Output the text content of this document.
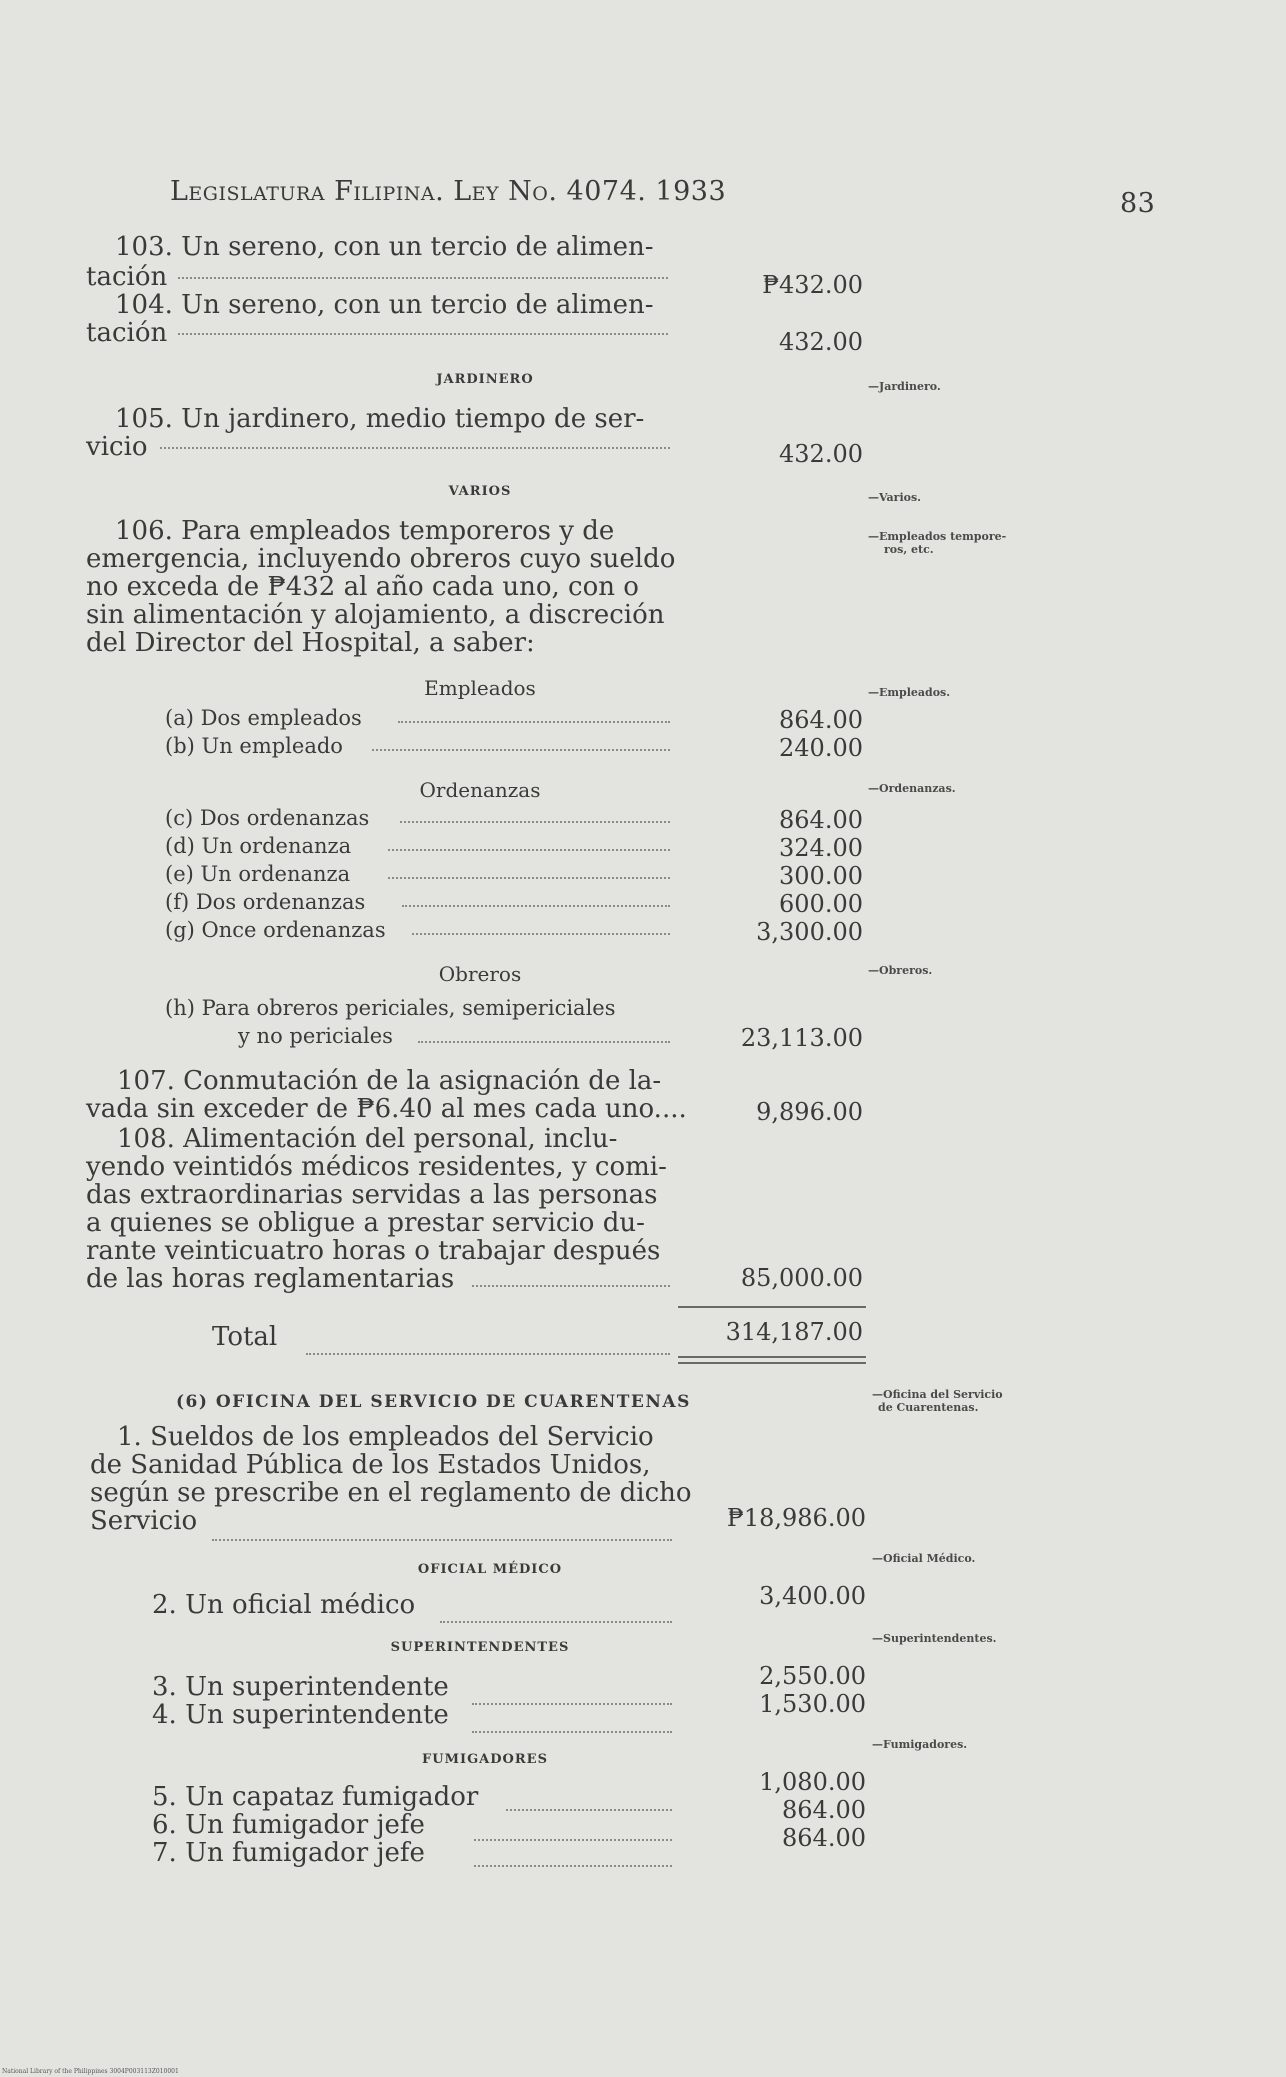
Legislatura Filipina. Ley No. 4074. 1933	83
103. Un sereno, con un tercio de alimen-
tación	₱432.00
104. Un sereno, con un tercio de alimen-
tación	432.00
JARDINERO	—Jardinero.
105. Un jardinero, medio tiempo de ser-
vicio	432.00
VARIOS	—Varios.
106. Para empleados temporeros y de
emergencia, incluyendo obreros cuyo sueldo
no exceda de ₱432 al año cada uno, con o
sin alimentación y alojamiento, a discreción
del Director del Hospital, a saber:
—Empleados tempore-
ros, etc.
Empleados	—Empleados.
(a) Dos empleados	864.00
(b) Un empleado	240.00
Ordenanzas	—Ordenanzas.
(c) Dos ordenanzas	864.00
(d) Un ordenanza	324.00
(e) Un ordenanza	300.00
(f) Dos ordenanzas	600.00
(g) Once ordenanzas	3,300.00
Obreros	—Obreros.
(h) Para obreros periciales, semipericiales
y no periciales	23,113.00
107. Conmutación de la asignación de la-
vada sin exceder de ₱6.40 al mes cada uno....	9,896.00
108. Alimentación del personal, inclu-
yendo veintidós médicos residentes, y comi-
das extraordinarias servidas a las personas
a quienes se obligue a prestar servicio du-
rante veinticuatro horas o trabajar después
de las horas reglamentarias	85,000.00
Total	314,187.00
(6) OFICINA DEL SERVICIO DE CUARENTENAS	—Oficina del Servicio
de Cuarentenas.
1. Sueldos de los empleados del Servicio
de Sanidad Pública de los Estados Unidos,
según se prescribe en el reglamento de dicho
Servicio	₱18,986.00
OFICIAL MÉDICO
—Oficial Médico.
2. Un oficial médico	3,400.00
SUPERINTENDENTES
—Superintendentes.
3. Un superintendente	2,550.00
4. Un superintendente	1,530.00
FUMIGADORES
—Fumigadores.
5. Un capataz fumigador	1,080.00
6. Un fumigador jefe	864.00
7. Un fumigador jefe	864.00
National Library of the Philippines 3004P003113Z010001
